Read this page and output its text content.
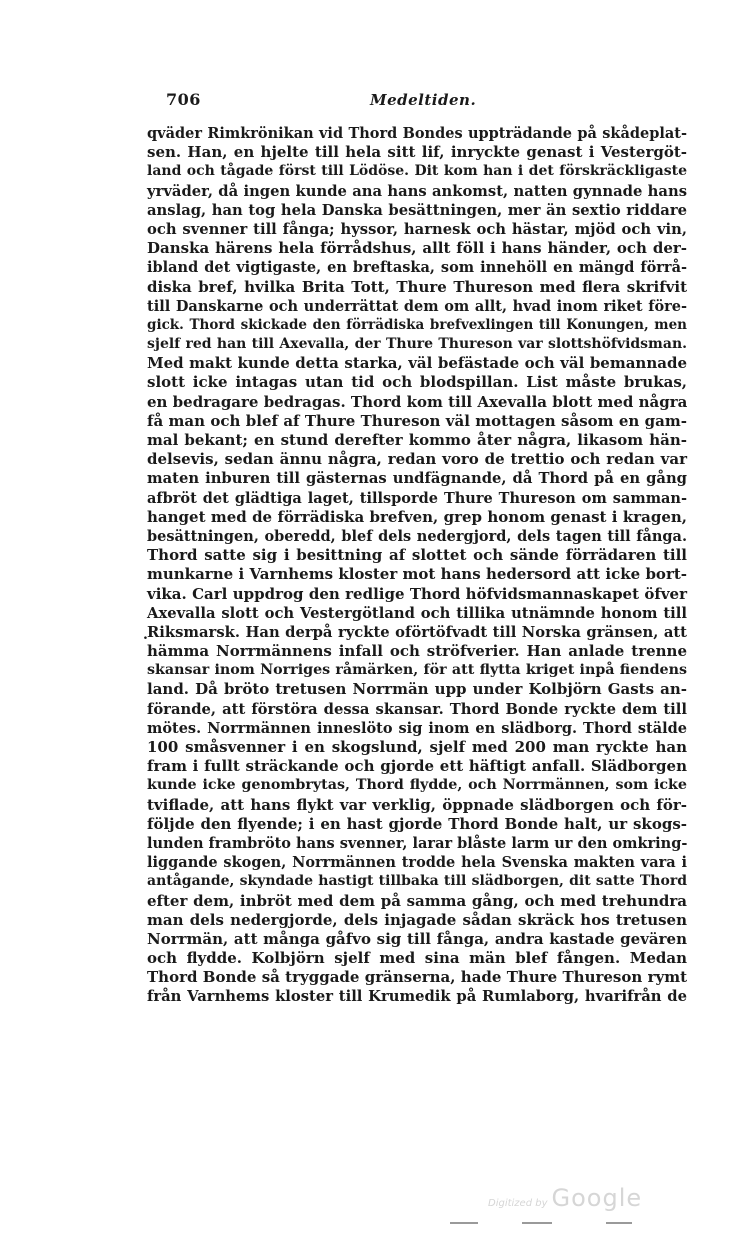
706	Medeltiden.
.
qväder Rimkrönikan vid Thord Bondes uppträdande på skådeplat-
sen. Han, en hjelte till hela sitt lif, inryckte genast i Vestergöt-
land och tågade först till Lödöse. Dit kom han i det förskräckligaste
yrväder, då ingen kunde ana hans ankomst, natten gynnade hans
anslag, han tog hela Danska besättningen, mer än sextio riddare
och svenner till fånga; hyssor, harnesk och hästar, mjöd och vin,
Danska härens hela förrådshus, allt föll i hans händer, och der-
ibland det vigtigaste, en breftaska, som innehöll en mängd förrå-
diska bref, hvilka Brita Tott, Thure Thureson med flera skrifvit
till Danskarne och underrättat dem om allt, hvad inom riket före-
gick. Thord skickade den förrädiska brefvexlingen till Konungen, men
sjelf red han till Axevalla, der Thure Thureson var slottshöfvidsman.
Med makt kunde detta starka, väl befästade och väl bemannade
slott icke intagas utan tid och blodspillan. List måste brukas,
en bedragare bedragas. Thord kom till Axevalla blott med några
få man och blef af Thure Thureson väl mottagen såsom en gam-
mal bekant; en stund derefter kommo åter några, likasom hän-
delsevis, sedan ännu några, redan voro de trettio och redan var
maten inburen till gästernas undfägnande, då Thord på en gång
afbröt det glädtiga laget, tillsporde Thure Thureson om samman-
hanget med de förrädiska brefven, grep honom genast i kragen,
besättningen, oberedd, blef dels nedergjord, dels tagen till fånga.
Thord satte sig i besittning af slottet och sände förrädaren till
munkarne i Varnhems kloster mot hans hedersord att icke bort-
vika. Carl uppdrog den redlige Thord höfvidsmannaskapet öfver
Axevalla slott och Vestergötland och tillika utnämnde honom till
Riksmarsk. Han derpå ryckte oförtöfvadt till Norska gränsen, att
hämma Norrmännens infall och ströfverier. Han anlade trenne
skansar inom Norriges råmärken, för att flytta kriget inpå fiendens
land. Då bröto tretusen Norrmän upp under Kolbjörn Gasts an-
förande, att förstöra dessa skansar. Thord Bonde ryckte dem till
mötes. Norrmännen inneslöto sig inom en slädborg. Thord stälde
100 småsvenner i en skogslund, sjelf med 200 man ryckte han
fram i fullt sträckande och gjorde ett häftigt anfall. Slädborgen
kunde icke genombrytas, Thord flydde, och Norrmännen, som icke
tviflade, att hans flykt var verklig, öppnade slädborgen och för-
följde den flyende; i en hast gjorde Thord Bonde halt, ur skogs-
lunden frambröto hans svenner, larar blåste larm ur den omkring-
liggande skogen, Norrmännen trodde hela Svenska makten vara i
antågande, skyndade hastigt tillbaka till slädborgen, dit satte Thord
efter dem, inbröt med dem på samma gång, och med trehundra
man dels nedergjorde, dels injagade sådan skräck hos tretusen
Norrmän, att många gåfvo sig till fånga, andra kastade gevären
och flydde. Kolbjörn sjelf med sina män blef fången. Medan
Thord Bonde så tryggade gränserna, hade Thure Thureson rymt
från Varnhems kloster till Krumedik på Rumlaborg, hvarifrån de
Digitized by Google
